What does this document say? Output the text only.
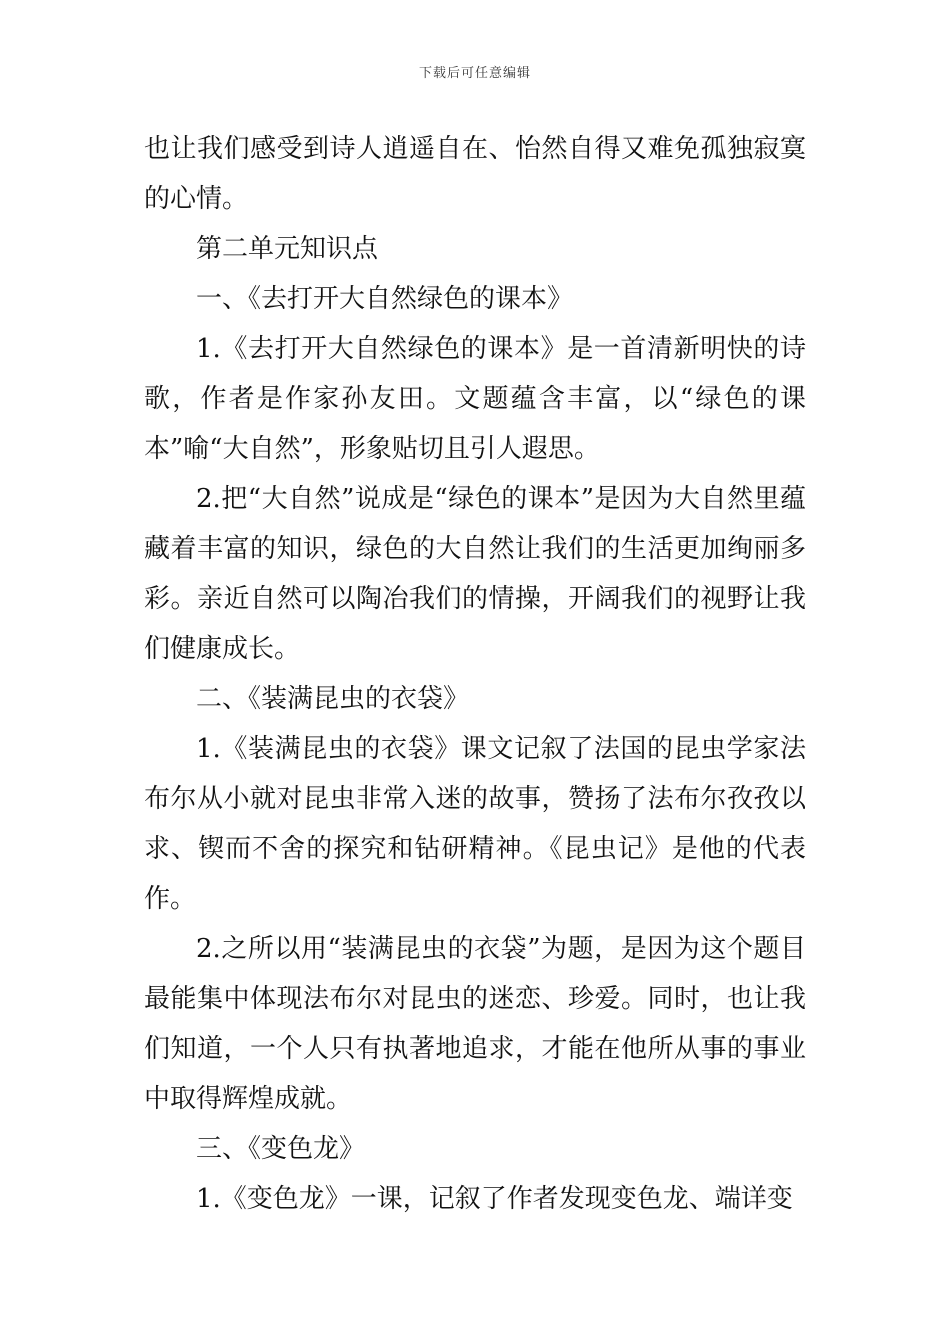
下载后可任意编辑

也让我们感受到诗人逍遥自在、怡然自得又难免孤独寂寞的心情。

第二单元知识点

一、《去打开大自然绿色的课本》

1.《去打开大自然绿色的课本》是一首清新明快的诗歌，作者是作家孙友田。文题蕴含丰富，以“绿色的课本”喻“大自然”，形象贴切且引人遐思。

2.把“大自然”说成是“绿色的课本”是因为大自然里蕴藏着丰富的知识，绿色的大自然让我们的生活更加绚丽多彩。亲近自然可以陶冶我们的情操，开阔我们的视野让我们健康成长。

二、《装满昆虫的衣袋》

1.《装满昆虫的衣袋》课文记叙了法国的昆虫学家法布尔从小就对昆虫非常入迷的故事，赞扬了法布尔孜孜以求、锲而不舍的探究和钻研精神。《昆虫记》是他的代表作。

2.之所以用“装满昆虫的衣袋”为题，是因为这个题目最能集中体现法布尔对昆虫的迷恋、珍爱。同时，也让我们知道，一个人只有执著地追求，才能在他所从事的事业中取得辉煌成就。

三、《变色龙》

1.《变色龙》一课，记叙了作者发现变色龙、端详变
